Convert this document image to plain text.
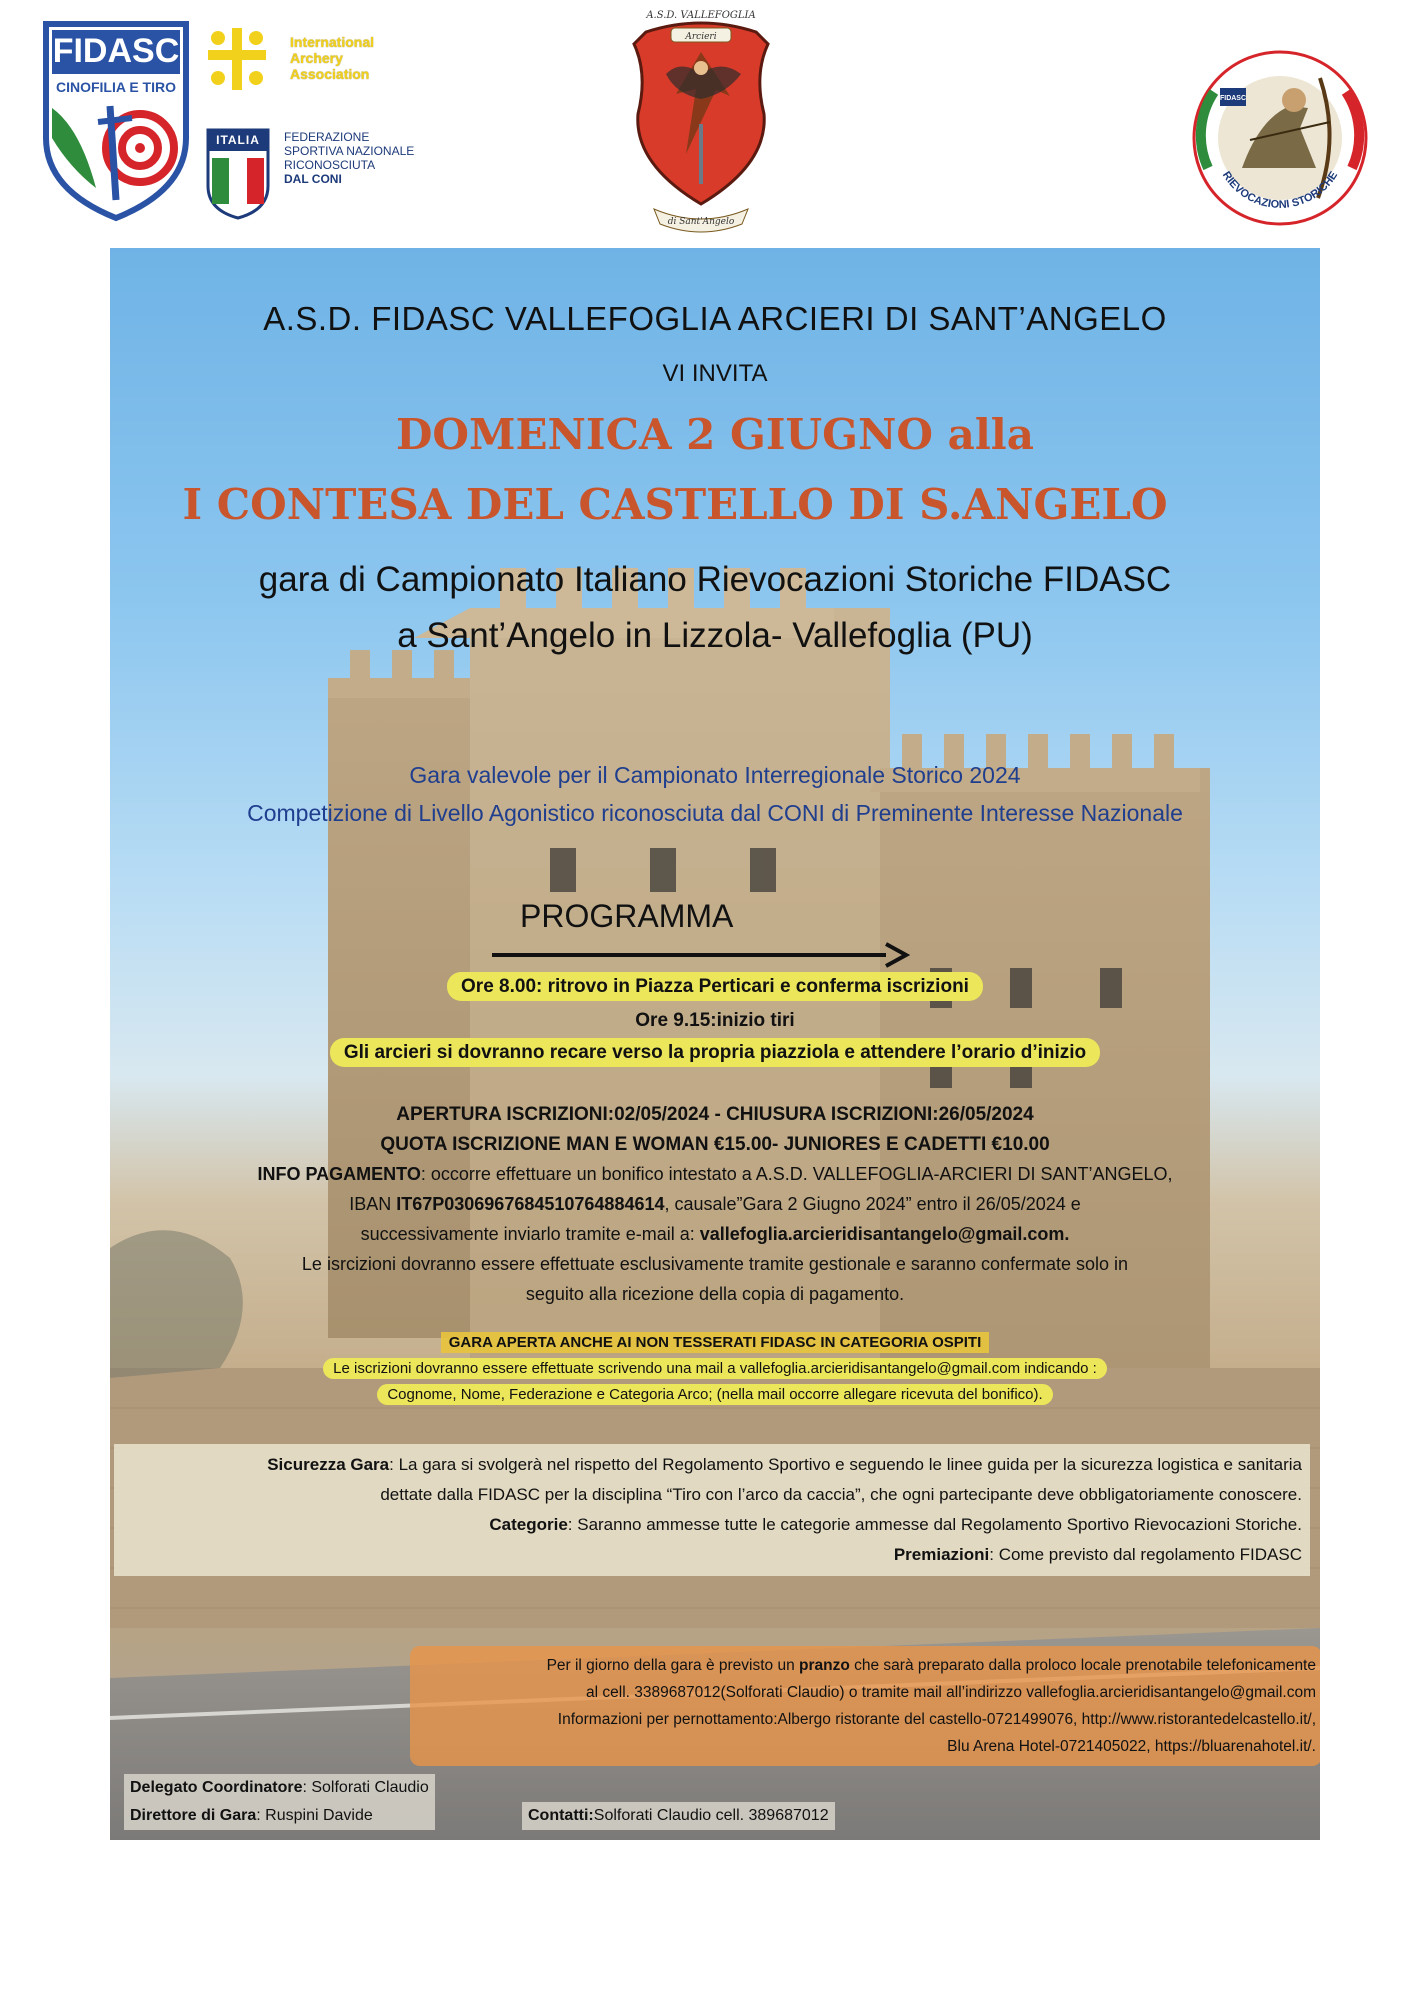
FIDASC
CINOFILIA E TIRO
International
Archery
Association
ITALIA	FEDERAZIONE
SPORTIVA NAZIONALE
RICONOSCIUTA
DAL CONI
A.S.D. VALLEFOGLIA
Arcieri
di Sant'Angelo
FIDASC
RIEVOCAZIONI STORICHE
A.S.D. FIDASC VALLEFOGLIA ARCIERI DI SANT’ANGELO
VI INVITA
DOMENICA 2 GIUGNO alla
I CONTESA DEL CASTELLO DI S.ANGELO
gara di Campionato Italiano Rievocazioni Storiche FIDASC
a Sant’Angelo in Lizzola- Vallefoglia (PU)
Gara valevole per il Campionato Interregionale Storico 2024
Competizione di Livello Agonistico riconosciuta dal CONI di Preminente Interesse Nazionale
PROGRAMMA
Ore 8.00: ritrovo in Piazza Perticari e conferma iscrizioni
Ore 9.15:inizio tiri
Gli arcieri si dovranno recare verso la propria piazziola e attendere l’orario d’inizio
APERTURA ISCRIZIONI:02/05/2024 - CHIUSURA ISCRIZIONI:26/05/2024
QUOTA ISCRIZIONE MAN E WOMAN €15.00- JUNIORES E CADETTI €10.00
INFO PAGAMENTO: occorre effettuare un bonifico intestato a A.S.D. VALLEFOGLIA-ARCIERI DI SANT’ANGELO,
IBAN IT67P0306967684510764884614, causale”Gara 2 Giugno 2024” entro il 26/05/2024 e
successivamente inviarlo tramite e-mail a: vallefoglia.arcieridisantangelo@gmail.com.
Le isrcizioni dovranno essere effettuate esclusivamente tramite gestionale e saranno confermate solo in
seguito alla ricezione della copia di pagamento.
GARA APERTA ANCHE AI NON TESSERATI FIDASC IN CATEGORIA OSPITI
Le iscrizioni dovranno essere effettuate scrivendo una mail a vallefoglia.arcieridisantangelo@gmail.com indicando :
Cognome, Nome, Federazione e Categoria Arco; (nella mail occorre allegare ricevuta del bonifico).
Sicurezza Gara: La gara si svolgerà nel rispetto del Regolamento Sportivo e seguendo le linee guida per la sicurezza logistica e sanitaria
dettate dalla FIDASC per la disciplina “Tiro con l’arco da caccia”, che ogni partecipante deve obbligatoriamente conoscere.
Categorie: Saranno ammesse tutte le categorie ammesse dal Regolamento Sportivo Rievocazioni Storiche.
Premiazioni: Come previsto dal regolamento FIDASC
Per il giorno della gara è previsto un pranzo che sarà preparato dalla proloco locale prenotabile telefonicamente
al cell. 3389687012(Solforati Claudio) o tramite mail all’indirizzo vallefoglia.arcieridisantangelo@gmail.com
Informazioni per pernottamento:Albergo ristorante del castello-0721499076, http://www.ristorantedelcastello.it/,
Blu Arena Hotel-0721405022, https://bluarenahotel.it/.
Delegato Coordinatore: Solforati Claudio
Direttore di Gara: Ruspini Davide	Contatti:Solforati Claudio cell. 389687012
